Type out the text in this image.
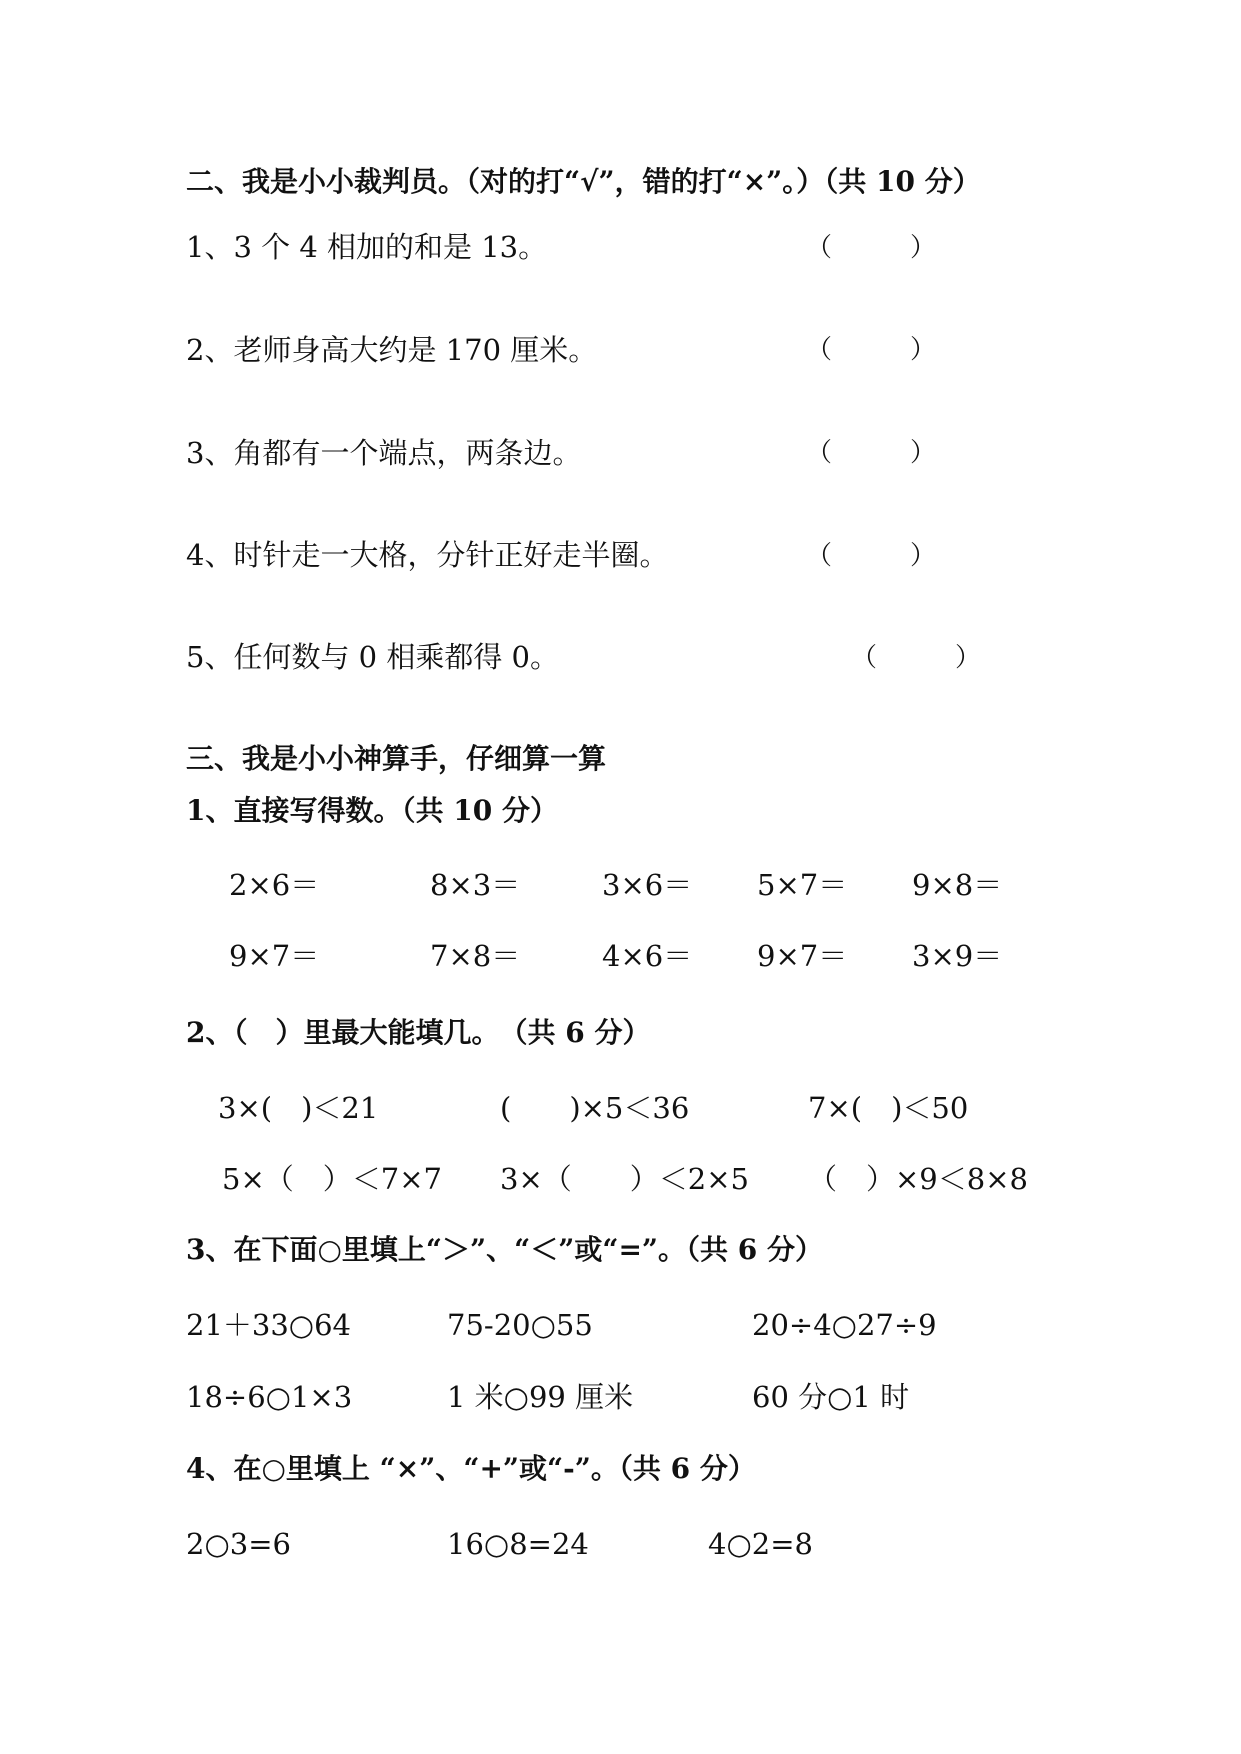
二、我是小小裁判员。（对的打“√”，错的打“×”。）（共 10 分）
1、3 个 4 相加的和是 13。	（　　　）
2、老师身高大约是 170 厘米。	（　　　）
3、角都有一个端点，两条边。	（　　　）
4、时针走一大格，分针正好走半圈。	（　　　）
5、任何数与 0 相乘都得 0。	（　　　）
三、我是小小神算手，仔细算一算
1、直接写得数。（共 10 分）
2×6＝	8×3＝	3×6＝ 5×7＝ 9×8＝
9×7＝	7×8＝	4×6＝ 9×7＝ 3×9＝
2、（　）里最大能填几。　（共 6 分）
3×(　)＜21	(　　)×5＜36	7×(　)＜50
5×（　）＜7×7 3×（　　）＜2×5 （　）×9＜8×8
3、在下面○里填上“＞”、“＜”或“=”。（共 6 分）
21＋33○64	75-20○55	20÷4○27÷9
18÷6○1×3	1 米○99 厘米	60 分○1 时
4、在○里填上 “×”、“+”或“-”。（共 6 分）
2○3=6	16○8=24	4○2=8
